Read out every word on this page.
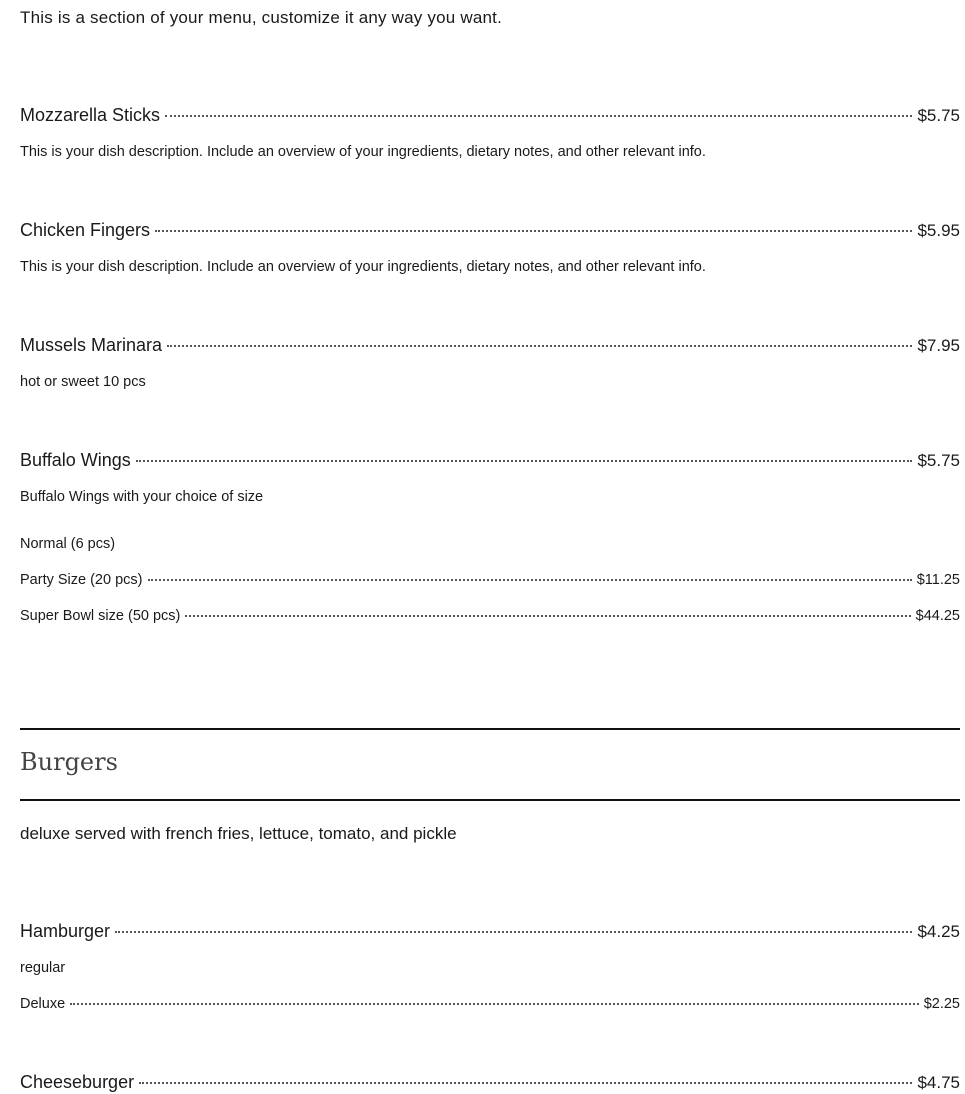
This is a section of your menu, customize it any way you want.
Mozzarella Sticks	$5.75
This is your dish description. Include an overview of your ingredients, dietary notes, and other relevant info.
Chicken Fingers	$5.95
This is your dish description. Include an overview of your ingredients, dietary notes, and other relevant info.
Mussels Marinara	$7.95
hot or sweet 10 pcs
Buffalo Wings	$5.75
Buffalo Wings with your choice of size
Normal (6 pcs)
Party Size (20 pcs)	$11.25
Super Bowl size (50 pcs)	$44.25
Burgers
deluxe served with french fries, lettuce, tomato, and pickle
Hamburger	$4.25
regular
Deluxe	$2.25
Cheeseburger	$4.75
